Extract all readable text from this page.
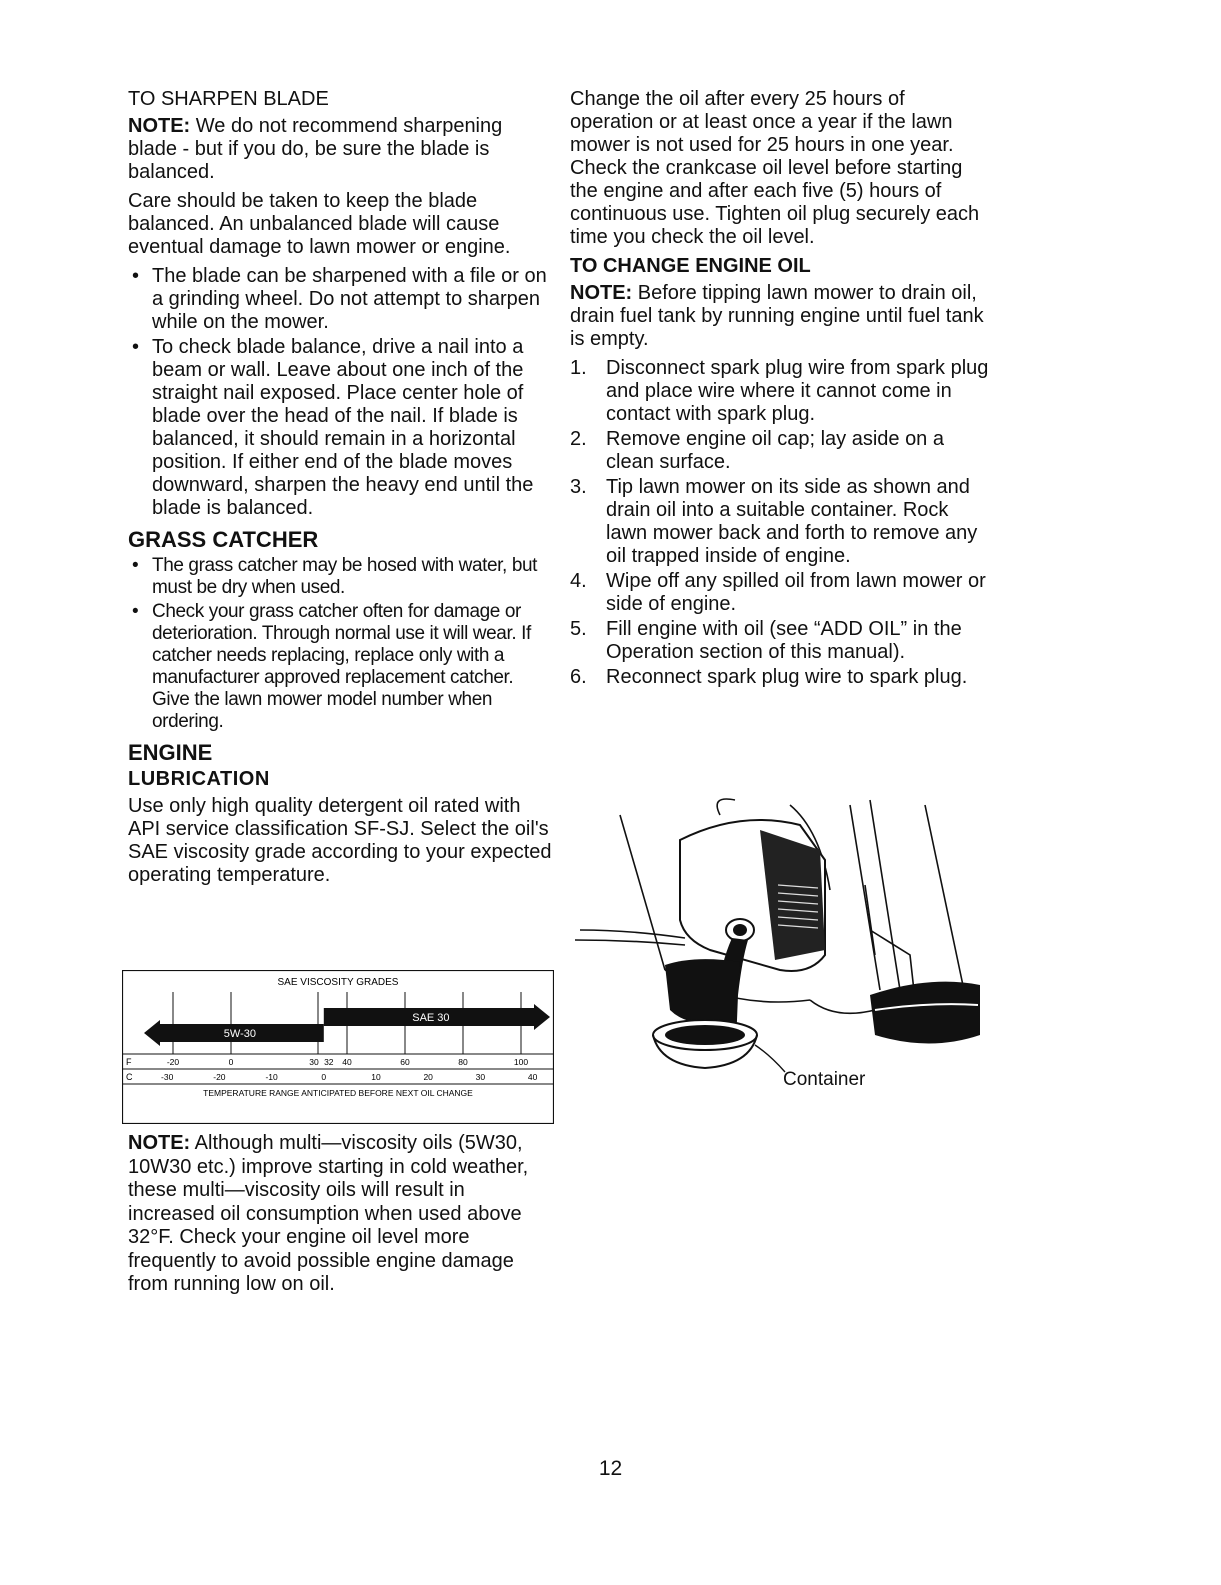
TO SHARPEN BLADE

NOTE: We do not recommend sharpening blade - but if you do, be sure the blade is balanced.

Care should be taken to keep the blade balanced. An unbalanced blade will cause eventual damage to lawn mower or engine.

• The blade can be sharpened with a file or on a grinding wheel. Do not attempt to sharpen while on the mower.
• To check blade balance, drive a nail into a beam or wall. Leave about one inch of the straight nail exposed. Place center hole of blade over the head of the nail. If blade is balanced, it should remain in a horizontal position. If either end of the blade moves downward, sharpen the heavy end until the blade is balanced.
GRASS CATCHER
• The grass catcher may be hosed with water, but must be dry when used.
• Check your grass catcher often for damage or deterioration. Through normal use it will wear. If catcher needs replacing, replace only with a manufacturer approved replacement catcher. Give the lawn mower model number when ordering.
ENGINE
LUBRICATION

Use only high quality detergent oil rated with API service classification SF-SJ. Select the oil's SAE viscosity grade according to your expected operating temperature.

SAE VISCOSITY GRADES
5W-30
SAE 30
F	-20	0	30 32 40	60	80	100
C	-30	-20	-10	0	10	20	30	40
TEMPERATURE RANGE ANTICIPATED BEFORE NEXT OIL CHANGE

NOTE: Although multi—viscosity oils (5W30, 10W30 etc.) improve starting in cold weather, these multi—viscosity oils will result in increased oil consumption when used above 32°F. Check your engine oil level more frequently to avoid possible engine damage from running low on oil.

Change the oil after every 25 hours of operation or at least once a year if the lawn mower is not used for 25 hours in one year.

Check the crankcase oil level before starting the engine and after each five (5) hours of continuous use. Tighten oil plug securely each time you check the oil level.

TO CHANGE ENGINE OIL

NOTE: Before tipping lawn mower to drain oil, drain fuel tank by running engine until fuel tank is empty.

1. Disconnect spark plug wire from spark plug and place wire where it cannot come in contact with spark plug.
2. Remove engine oil cap; lay aside on a clean surface.
3. Tip lawn mower on its side as shown and drain oil into a suitable container. Rock lawn mower back and forth to remove any oil trapped inside of engine.
4. Wipe off any spilled oil from lawn mower or side of engine.
5. Fill engine with oil (see “ADD OIL” in the Operation section of this manual).
6. Reconnect spark plug wire to spark plug.
Container
12
